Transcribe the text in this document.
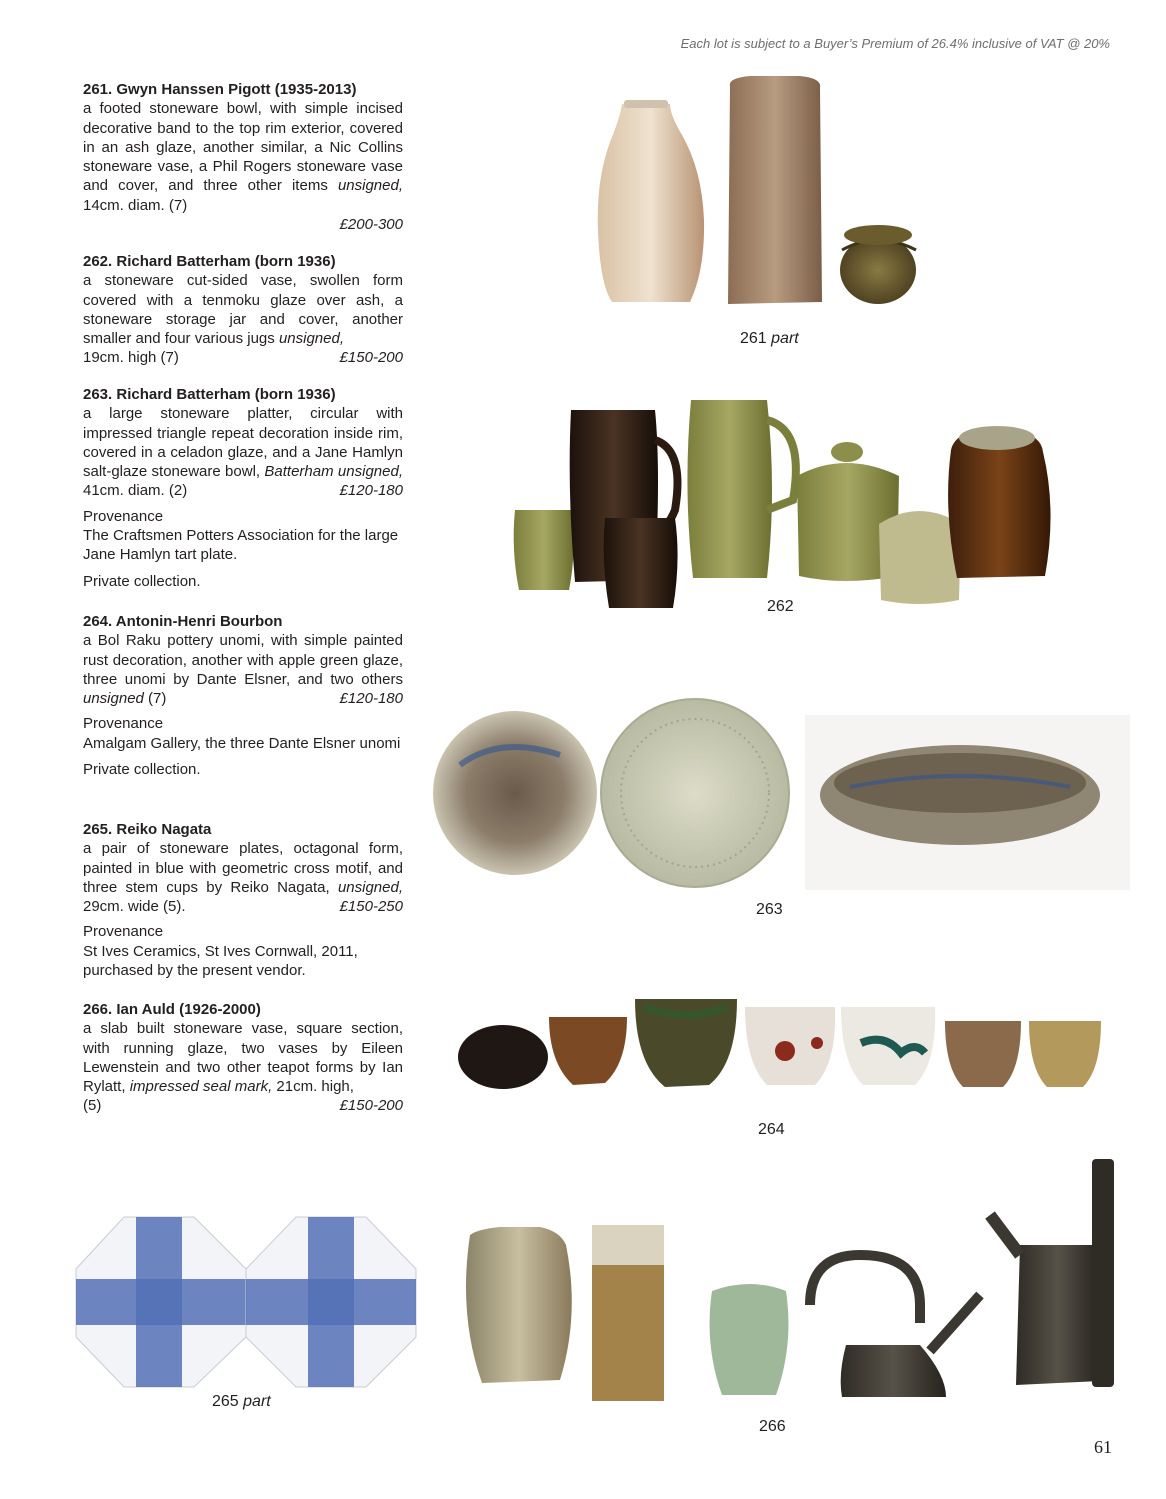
Each lot is subject to a Buyer’s Premium of 26.4% inclusive of VAT @ 20%
261. Gwyn Hanssen Pigott (1935-2013)
a footed stoneware bowl, with simple incised decorative band to the top rim exterior, covered in an ash glaze, another similar, a Nic Collins stoneware vase, a Phil Rogers stoneware vase and cover, and three other items unsigned, 14cm. diam. (7)
£200-300
262. Richard Batterham (born 1936)
a stoneware cut-sided vase, swollen form covered with a tenmoku glaze over ash, a stoneware storage jar and cover, another smaller and four various jugs unsigned,
19cm. high (7)	£150-200
263. Richard Batterham (born 1936)
a large stoneware platter, circular with impressed triangle repeat decoration inside rim, covered in a celadon glaze, and a Jane Hamlyn salt-glaze stoneware bowl, Batterham unsigned, 41cm. diam. (2)	£120-180

Provenance

The Craftsmen Potters Association for the large Jane Hamlyn tart plate.

Private collection.

264. Antonin-Henri Bourbon
a Bol Raku pottery unomi, with simple painted rust decoration, another with apple green glaze, three unomi by Dante Elsner, and two others unsigned (7)	£120-180

Provenance

Amalgam Gallery, the three Dante Elsner unomi

Private collection.

265. Reiko Nagata
a pair of stoneware plates, octagonal form, painted in blue with geometric cross motif, and three stem cups by Reiko Nagata, unsigned, 29cm. wide (5).	£150-250

Provenance

St Ives Ceramics, St Ives Cornwall, 2011, purchased by the present vendor.
266. Ian Auld (1926-2000)
a slab built stoneware vase, square section, with running glaze, two vases by Eileen Lewenstein and two other teapot forms by Ian Rylatt, impressed seal mark, 21cm. high,
(5)	£150-200
261 part
262
263
264
265 part
266
61
